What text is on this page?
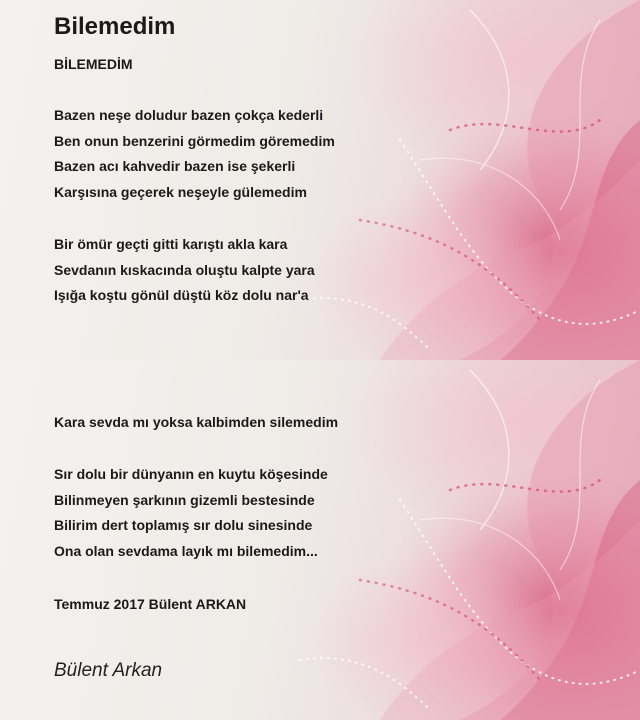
Bilemedim

BİLEMEDİM

Bazen neşe doludur bazen çokça kederli
Ben onun benzerini görmedim göremedim
Bazen acı kahvedir bazen ise şekerli
Karşısına geçerek neşeyle gülemedim
Bir ömür geçti gitti karıştı akla kara
Sevdanın kıskacında oluştu kalpte yara
Işığa koştu gönül düştü köz dolu nar'a
Kara sevda mı yoksa kalbimden silemedim
Sır dolu bir dünyanın en kuytu köşesinde
Bilinmeyen şarkının gizemli bestesinde
Bilirim dert toplamış sır dolu sinesinde
Ona olan sevdama layık mı bilemedim...
Temmuz 2017 Bülent ARKAN

Bülent Arkan
